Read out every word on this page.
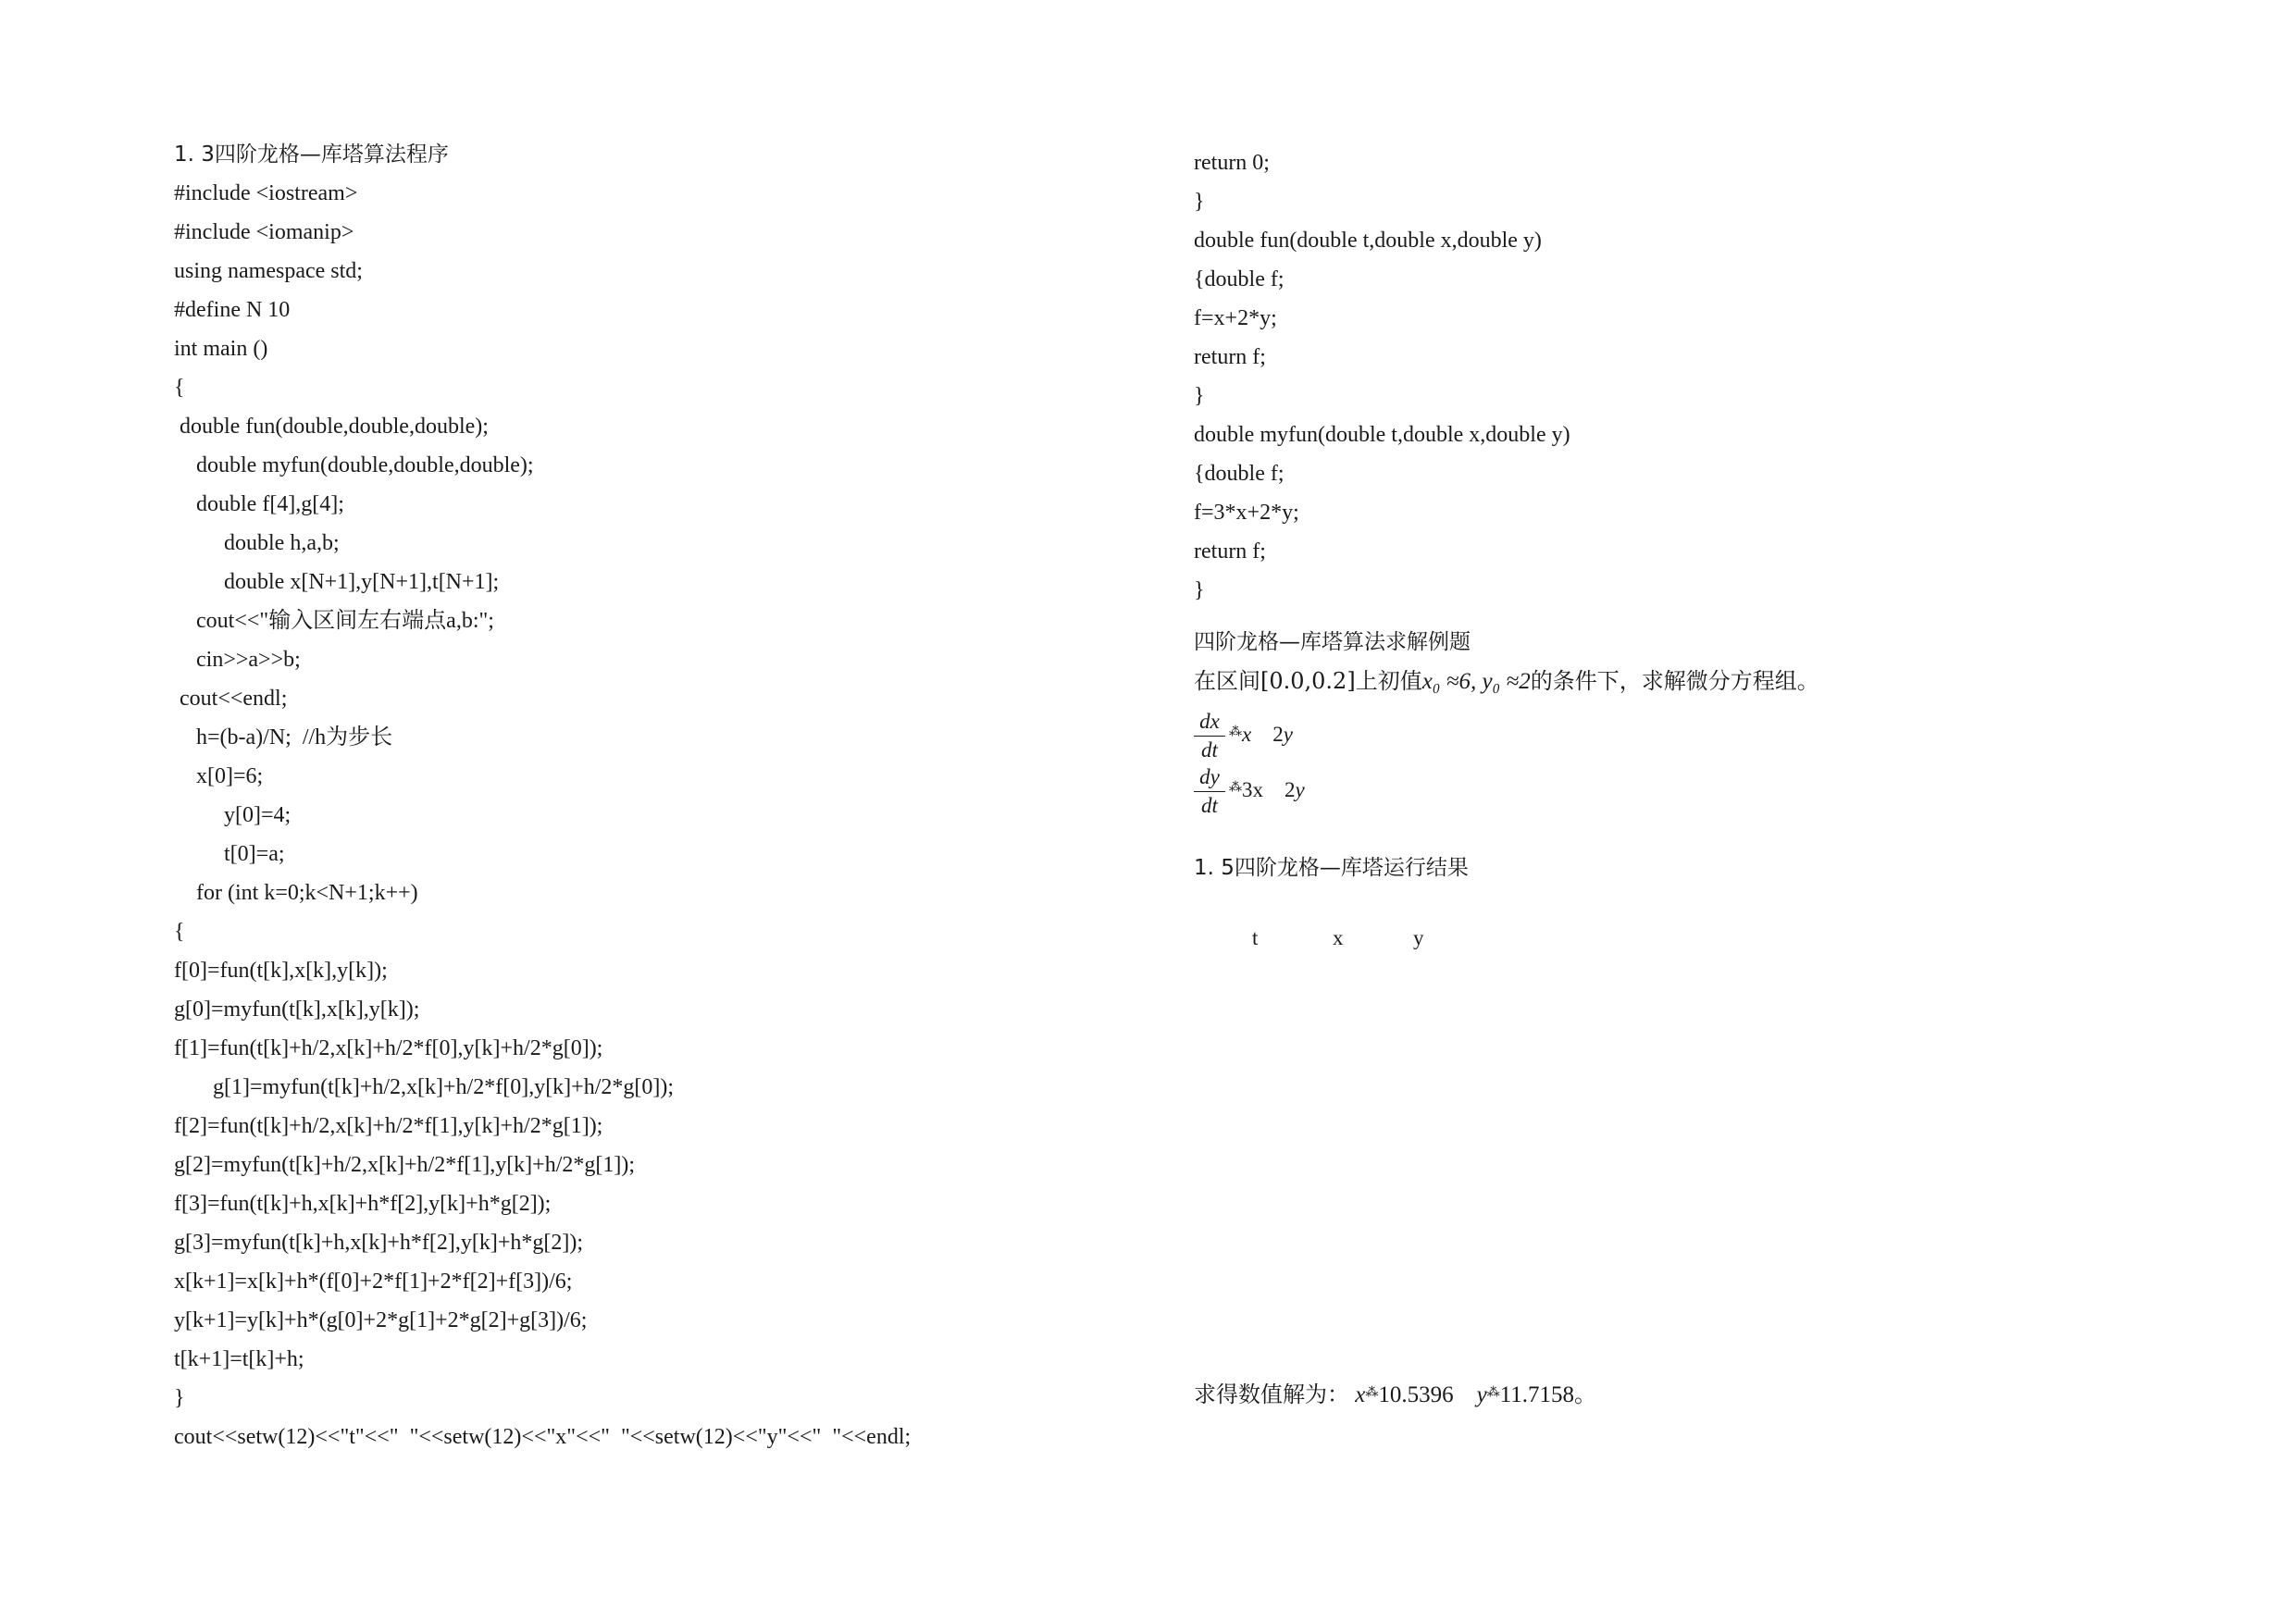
1. 3四阶龙格—库塔算法程序
#include <iostream>
#include <iomanip>
using namespace std;
#define N 10
int main ()
{
double fun(double,double,double);
double myfun(double,double,double);
double f[4],g[4];
double h,a,b;
double x[N+1],y[N+1],t[N+1];
cout<<"输入区间左右端点a,b:";
cin>>a>>b;
cout<<endl;
h=(b-a)/N;  //h为步长
x[0]=6;
y[0]=4;
t[0]=a;
for (int k=0;k<N+1;k++)
{
f[0]=fun(t[k],x[k],y[k]);
g[0]=myfun(t[k],x[k],y[k]);
f[1]=fun(t[k]+h/2,x[k]+h/2*f[0],y[k]+h/2*g[0]);
g[1]=myfun(t[k]+h/2,x[k]+h/2*f[0],y[k]+h/2*g[0]);
f[2]=fun(t[k]+h/2,x[k]+h/2*f[1],y[k]+h/2*g[1]);
g[2]=myfun(t[k]+h/2,x[k]+h/2*f[1],y[k]+h/2*g[1]);
f[3]=fun(t[k]+h,x[k]+h*f[2],y[k]+h*g[2]);
g[3]=myfun(t[k]+h,x[k]+h*f[2],y[k]+h*g[2]);
x[k+1]=x[k]+h*(f[0]+2*f[1]+2*f[2]+f[3])/6;
y[k+1]=y[k]+h*(g[0]+2*g[1]+2*g[2]+g[3])/6;
t[k+1]=t[k]+h;
}
cout<<setw(12)<<"t"<<"  "<<setw(12)<<"x"<<"  "<<setw(12)<<"y"<<"  "<<endl;
return 0;
}
double fun(double t,double x,double y)
{double f;
f=x+2*y;
return f;
}
double myfun(double t,double x,double y)
{double f;
f=3*x+2*y;
return f;
}
四阶龙格—库塔算法求解例题
在区间[0.0,0.2]上初值x₀ ≈6, y₀ ≈2的条件下，求解微分方程组。
dx
dt
⁂x    2y
dy
dt
⁂3x    2y
1. 5四阶龙格—库塔运行结果
t	x	y
求得数值解为： x⁂10.5396 y⁂11.7158。
